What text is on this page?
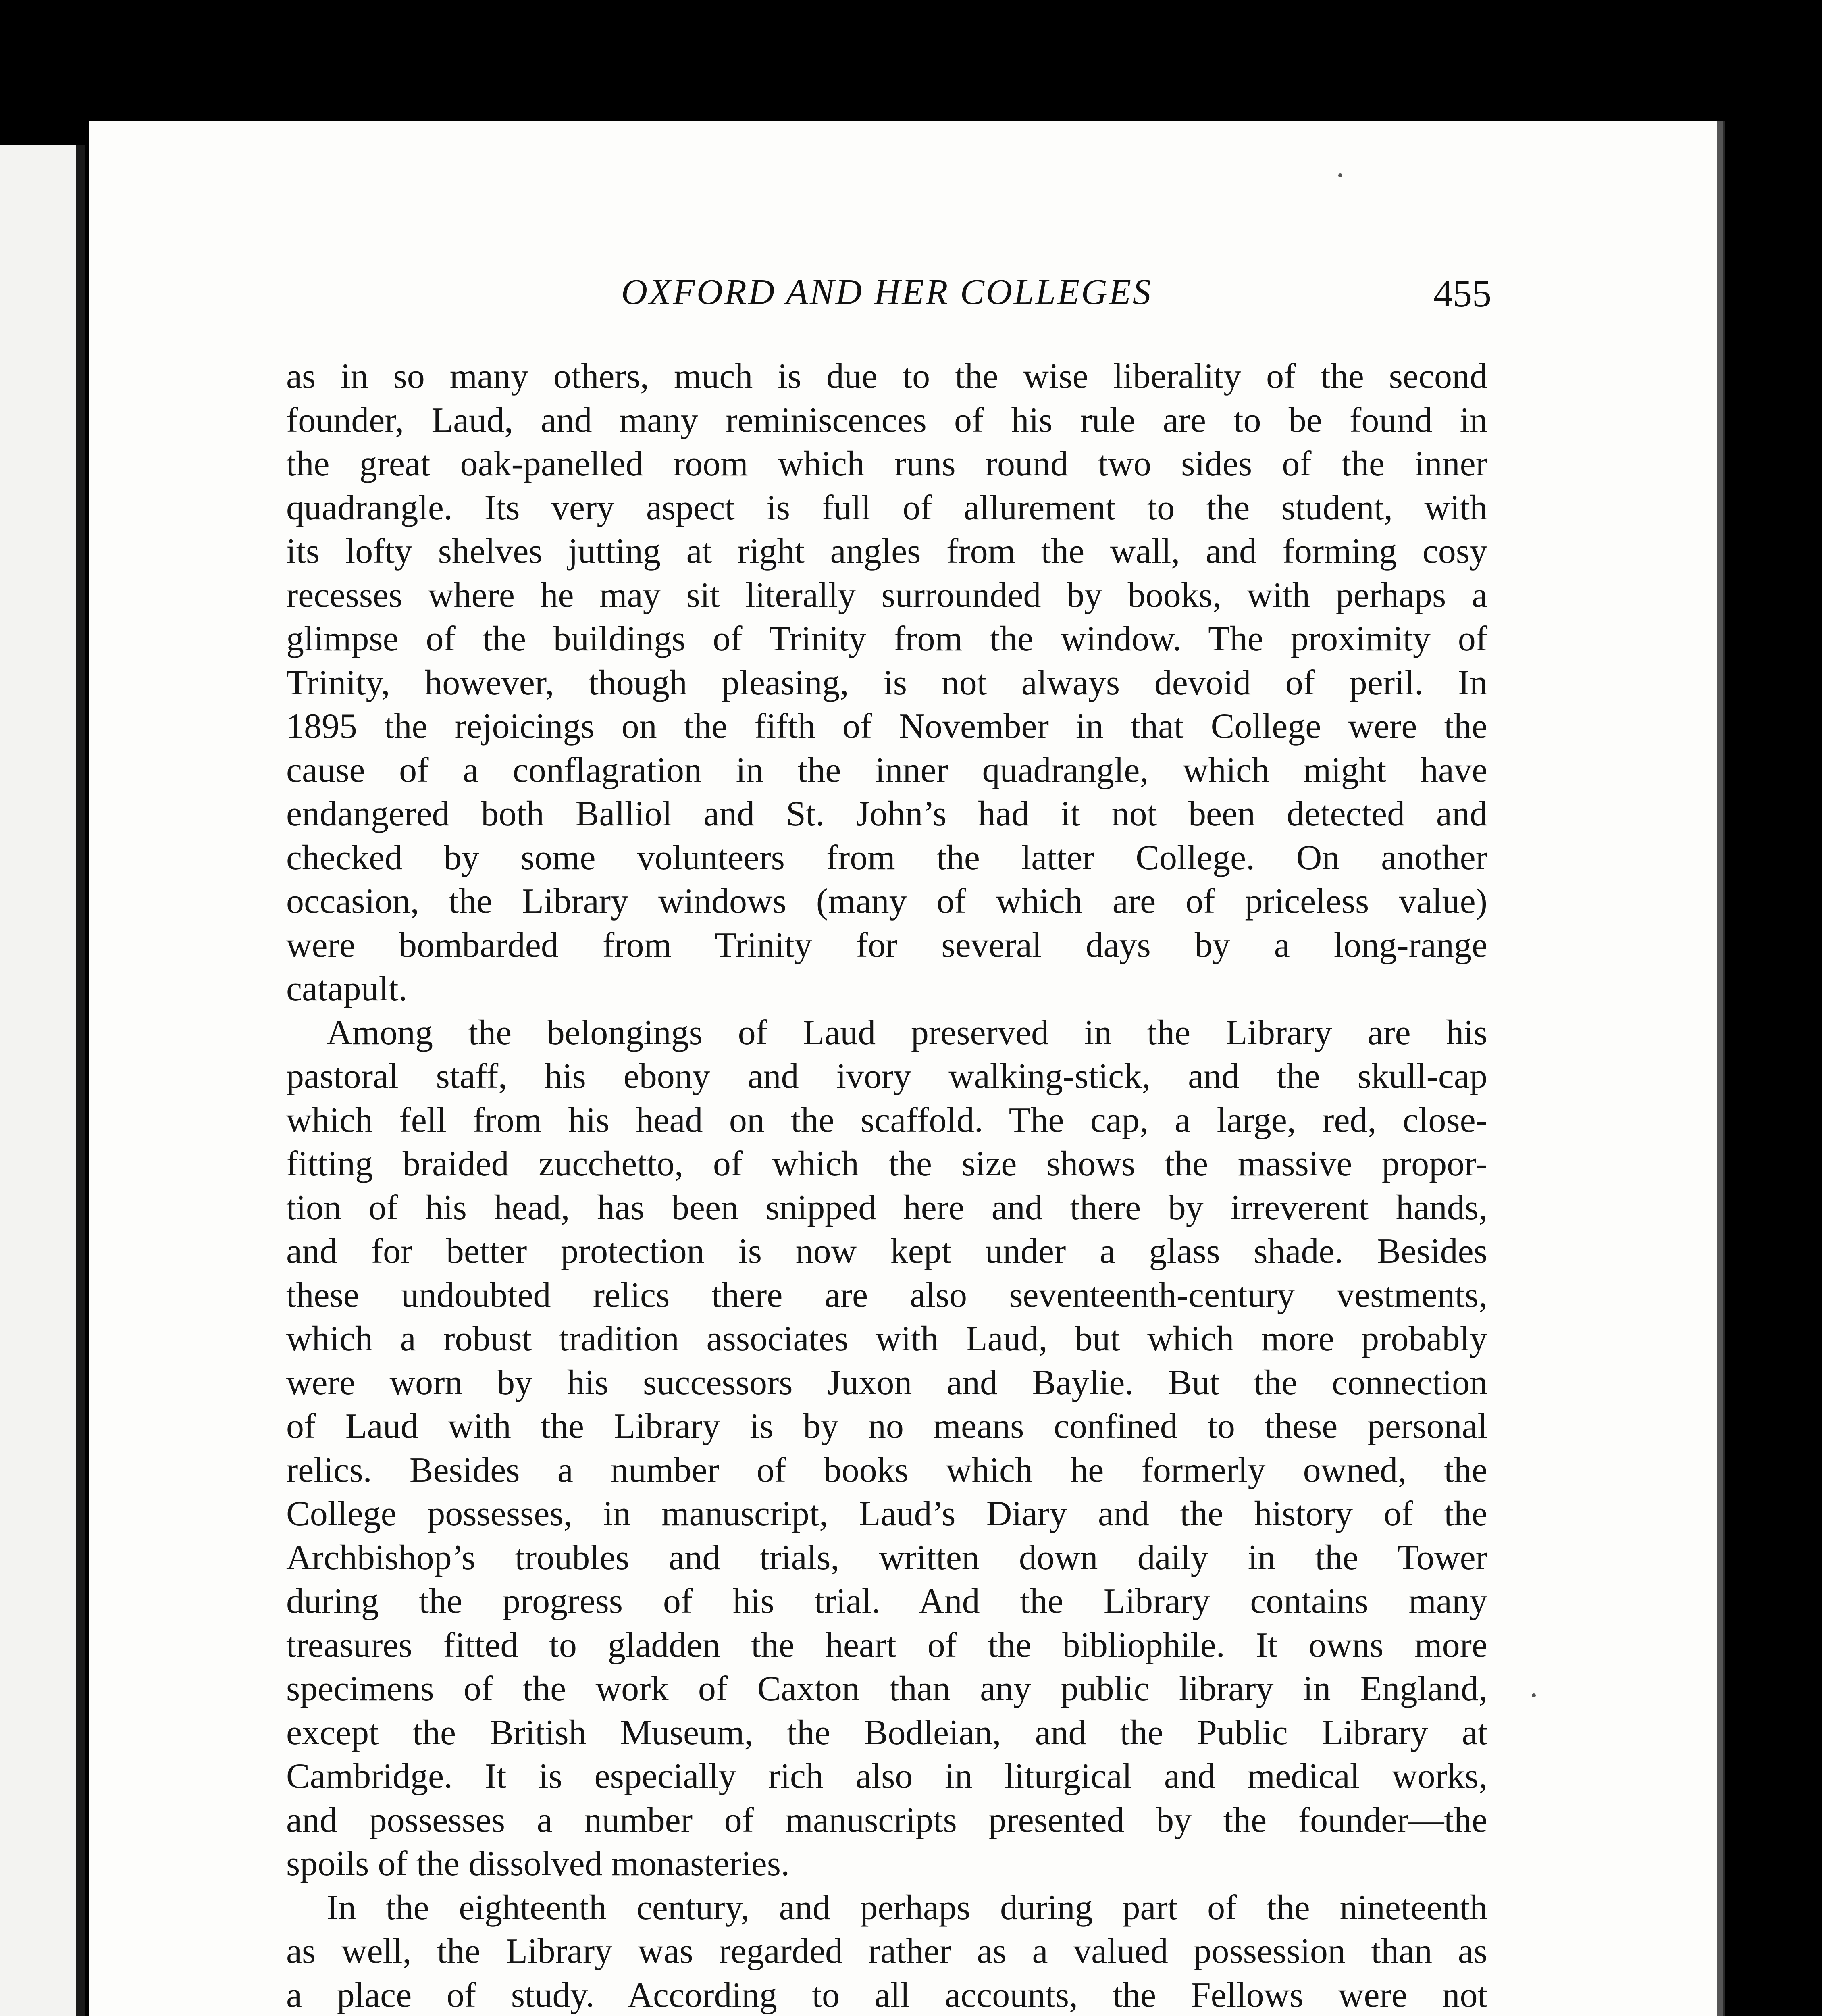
OXFORD AND HER COLLEGES	455
as in so many others, much is due to the wise liberality of the second
founder, Laud, and many reminiscences of his rule are to be found in
the great oak-panelled room which runs round two sides of the inner
quadrangle. Its very aspect is full of allurement to the student, with
its lofty shelves jutting at right angles from the wall, and forming cosy
recesses where he may sit literally surrounded by books, with perhaps a
glimpse of the buildings of Trinity from the window. The proximity of
Trinity, however, though pleasing, is not always devoid of peril. In
1895 the rejoicings on the fifth of November in that College were the
cause of a conflagration in the inner quadrangle, which might have
endangered both Balliol and St. John’s had it not been detected and
checked by some volunteers from the latter College. On another
occasion, the Library windows (many of which are of priceless value)
were bombarded from Trinity for several days by a long-range
catapult.
Among the belongings of Laud preserved in the Library are his
pastoral staff, his ebony and ivory walking-stick, and the skull-cap
which fell from his head on the scaffold. The cap, a large, red, close-
fitting braided zucchetto, of which the size shows the massive propor-
tion of his head, has been snipped here and there by irreverent hands,
and for better protection is now kept under a glass shade. Besides
these undoubted relics there are also seventeenth-century vestments,
which a robust tradition associates with Laud, but which more probably
were worn by his successors Juxon and Baylie. But the connection
of Laud with the Library is by no means confined to these personal
relics. Besides a number of books which he formerly owned, the
College possesses, in manuscript, Laud’s Diary and the history of the
Archbishop’s troubles and trials, written down daily in the Tower
during the progress of his trial. And the Library contains many
treasures fitted to gladden the heart of the bibliophile. It owns more
specimens of the work of Caxton than any public library in England,
except the British Museum, the Bodleian, and the Public Library at
Cambridge. It is especially rich also in liturgical and medical works,
and possesses a number of manuscripts presented by the founder—the
spoils of the dissolved monasteries.
In the eighteenth century, and perhaps during part of the nineteenth
as well, the Library was regarded rather as a valued possession than as
a place of study. According to all accounts, the Fellows were not
